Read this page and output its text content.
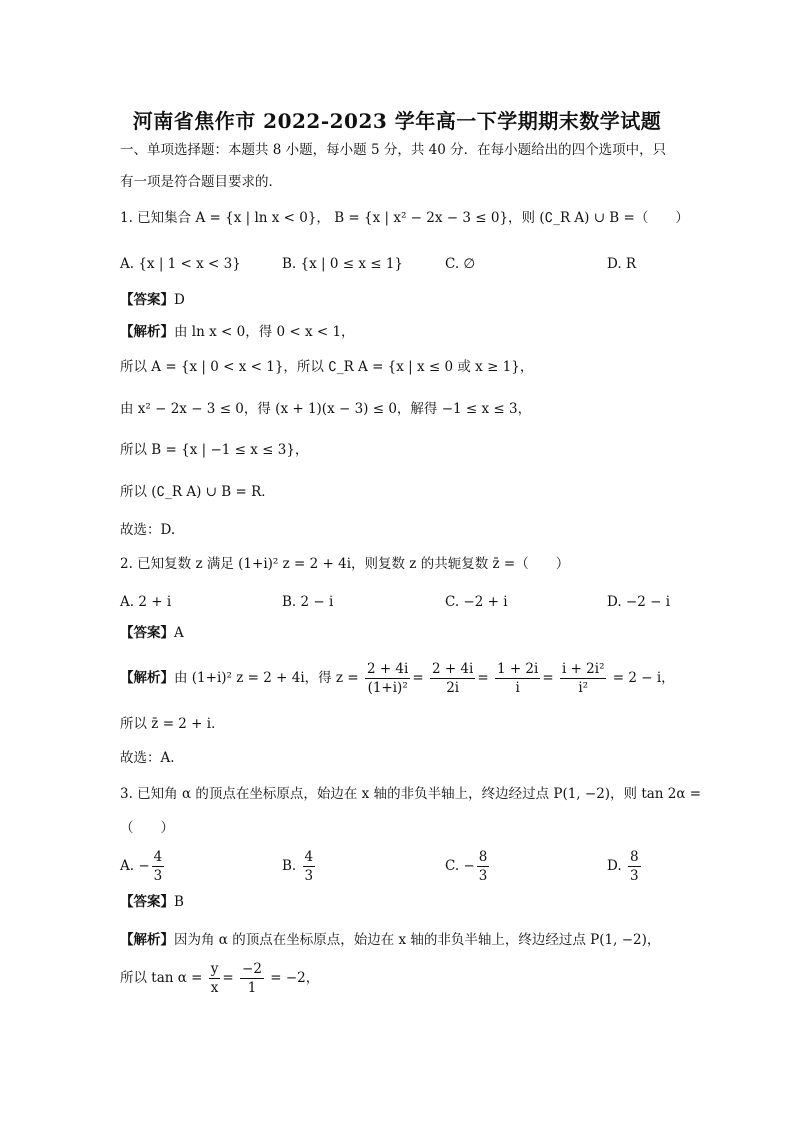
河南省焦作市 2022-2023 学年高一下学期期末数学试题
一、单项选择题：本题共 8 小题，每小题 5 分，共 40 分．在每小题给出的四个选项中，只
有一项是符合题目要求的．
1. 已知集合 A = {x | ln x < 0}， B = {x | x² − 2x − 3 ≤ 0}，则 (∁_R A) ∪ B =（　　）
A. {x | 1 < x < 3}	B. {x | 0 ≤ x ≤ 1}	C. ∅	D. R
【答案】D
【解析】由 ln x < 0，得 0 < x < 1，
所以 A = {x | 0 < x < 1}，所以 ∁_R A = {x | x ≤ 0 或 x ≥ 1}，
由 x² − 2x − 3 ≤ 0，得 (x + 1)(x − 3) ≤ 0，解得 −1 ≤ x ≤ 3，
所以 B = {x | −1 ≤ x ≤ 3}，
所以 (∁_R A) ∪ B = R．
故选：D.
2. 已知复数 z 满足 (1+i)² z = 2 + 4i，则复数 z 的共轭复数 z̄ =（　　）
A. 2 + i	B. 2 − i	C. −2 + i	D. −2 − i
【答案】A
【解析】由 (1+i)² z = 2 + 4i，得 $z = \frac{2 + 4i}{\text{(1+i)²}} = \frac{2 + 4i}{2i} = \frac{1 + 2i}{i} = \frac{\text{i + 2i²}}{\text{i²}} = 2 - i$，
所以 z̄ = 2 + i．
故选：A.
3. 已知角 α 的顶点在坐标原点，始边在 x 轴的非负半轴上，终边经过点 P(1, −2)，则 tan 2α =
（　　）
A. − $\frac{4}{3}$	B. $\frac{4}{3}$	C. − $\frac{8}{3}$	D. $\frac{8}{3}$
【答案】B
【解析】因为角 α 的顶点在坐标原点，始边在 x 轴的非负半轴上，终边经过点 P(1, −2)，
所以 $\tan \alpha = \frac{y}{x} = \frac{-2}{1} = -2$，
